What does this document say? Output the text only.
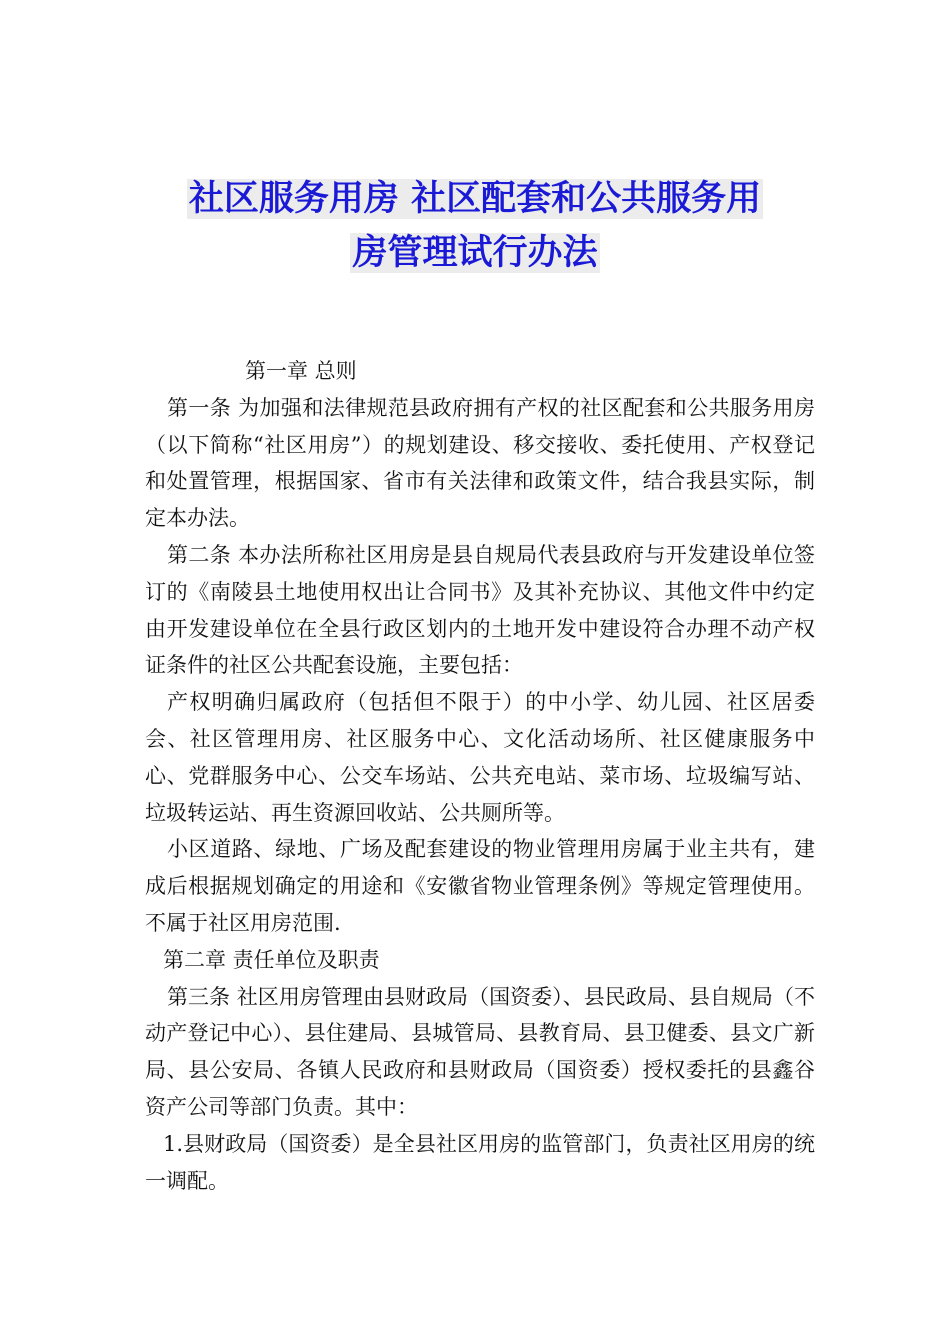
社区服务用房 社区配套和公共服务用
房管理试行办法

第一章 总则

第一条 为加强和法律规范县政府拥有产权的社区配套和公共服务用房（以下简称“社区用房”）的规划建设、移交接收、委托使用、产权登记和处置管理，根据国家、省市有关法律和政策文件，结合我县实际，制定本办法。

第二条 本办法所称社区用房是县自规局代表县政府与开发建设单位签订的《南陵县土地使用权出让合同书》及其补充协议、其他文件中约定由开发建设单位在全县行政区划内的土地开发中建设符合办理不动产权证条件的社区公共配套设施，主要包括：

产权明确归属政府（包括但不限于）的中小学、幼儿园、社区居委会、社区管理用房、社区服务中心、文化活动场所、社区健康服务中心、党群服务中心、公交车场站、公共充电站、菜市场、垃圾编写站、垃圾转运站、再生资源回收站、公共厕所等。

小区道路、绿地、广场及配套建设的物业管理用房属于业主共有，建成后根据规划确定的用途和《安徽省物业管理条例》等规定管理使用。不属于社区用房范围.

第二章 责任单位及职责

第三条 社区用房管理由县财政局（国资委）、县民政局、县自规局（不动产登记中心）、县住建局、县城管局、县教育局、县卫健委、县文广新局、县公安局、各镇人民政府和县财政局（国资委）授权委托的县鑫谷资产公司等部门负责。其中：

1.县财政局（国资委）是全县社区用房的监管部门，负责社区用房的统一调配。
